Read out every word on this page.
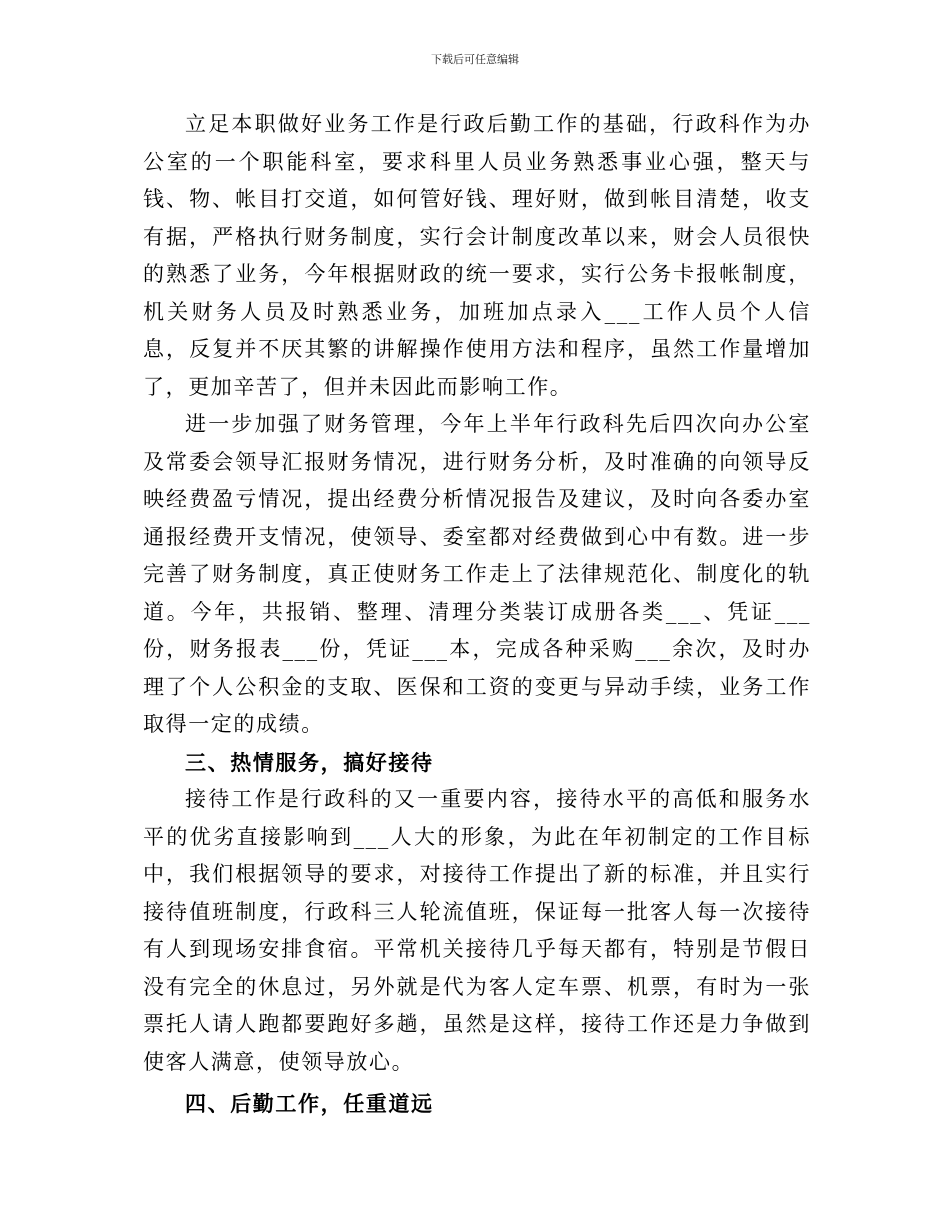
下载后可任意编辑

立足本职做好业务工作是行政后勤工作的基础，行政科作为办公室的一个职能科室，要求科里人员业务熟悉事业心强，整天与钱、物、帐目打交道，如何管好钱、理好财，做到帐目清楚，收支有据，严格执行财务制度，实行会计制度改革以来，财会人员很快的熟悉了业务，今年根据财政的统一要求，实行公务卡报帐制度，机关财务人员及时熟悉业务，加班加点录入___工作人员个人信息，反复并不厌其繁的讲解操作使用方法和程序，虽然工作量增加了，更加辛苦了，但并未因此而影响工作。

进一步加强了财务管理，今年上半年行政科先后四次向办公室及常委会领导汇报财务情况，进行财务分析，及时准确的向领导反映经费盈亏情况，提出经费分析情况报告及建议，及时向各委办室通报经费开支情况，使领导、委室都对经费做到心中有数。进一步完善了财务制度，真正使财务工作走上了法律规范化、制度化的轨道。今年，共报销、整理、清理分类装订成册各类___、凭证___份，财务报表___份，凭证___本，完成各种采购___余次，及时办理了个人公积金的支取、医保和工资的变更与异动手续，业务工作取得一定的成绩。

三、热情服务，搞好接待

接待工作是行政科的又一重要内容，接待水平的高低和服务水平的优劣直接影响到___人大的形象，为此在年初制定的工作目标中，我们根据领导的要求，对接待工作提出了新的标准，并且实行接待值班制度，行政科三人轮流值班，保证每一批客人每一次接待有人到现场安排食宿。平常机关接待几乎每天都有，特别是节假日没有完全的休息过，另外就是代为客人定车票、机票，有时为一张票托人请人跑都要跑好多趟，虽然是这样，接待工作还是力争做到使客人满意，使领导放心。

四、后勤工作，任重道远
